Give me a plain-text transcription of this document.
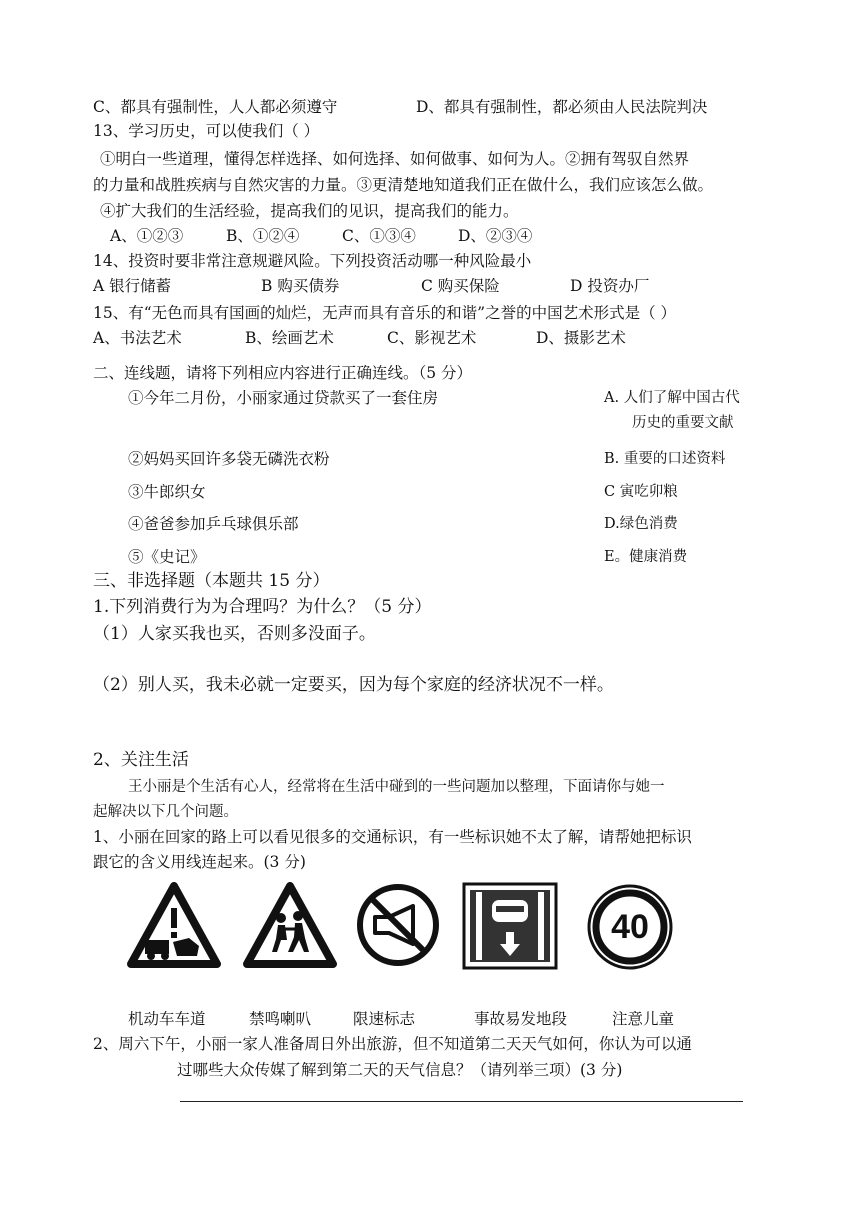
C、都具有强制性，人人都必须遵守	D、都具有强制性，都必须由人民法院判决
13、学习历史，可以使我们（ ）
①明白一些道理，懂得怎样选择、如何选择、如何做事、如何为人。②拥有驾驭自然界
的力量和战胜疾病与自然灾害的力量。③更清楚地知道我们正在做什么，我们应该怎么做。
④扩大我们的生活经验，提高我们的见识，提高我们的能力。
A、①②③	B、①②④	C、①③④	D、②③④
14、投资时要非常注意规避风险。下列投资活动哪一种风险最小
A 银行储蓄	B 购买债券	C 购买保险	D 投资办厂
15、有“无色而具有国画的灿烂，无声而具有音乐的和谐”之誉的中国艺术形式是（ ）
A、书法艺术	B、绘画艺术	C、影视艺术	D、摄影艺术
二、连线题，请将下列相应内容进行正确连线。（5 分）
①今年二月份，小丽家通过贷款买了一套住房	A. 人们了解中国古代
历史的重要文献
②妈妈买回许多袋无磷洗衣粉	B. 重要的口述资料
③牛郎织女	C 寅吃卯粮
④爸爸参加乒乓球俱乐部	D.绿色消费
⑤《史记》	E。健康消费
三、非选择题（本题共 15 分）
1.下列消费行为为合理吗？为什么？（5 分）
（1）人家买我也买，否则多没面子。
（2）别人买，我未必就一定要买，因为每个家庭的经济状况不一样。
2、关注生活
王小丽是个生活有心人，经常将在生活中碰到的一些问题加以整理，下面请你与她一
起解决以下几个问题。
1、小丽在回家的路上可以看见很多的交通标识，有一些标识她不太了解，请帮她把标识
跟它的含义用线连起来。(3 分)
40
机动车车道	禁鸣喇叭	限速标志	事故易发地段	注意儿童
2、周六下午，小丽一家人准备周日外出旅游，但不知道第二天天气如何，你认为可以通
过哪些大众传媒了解到第二天的天气信息？（请列举三项）(3 分)
